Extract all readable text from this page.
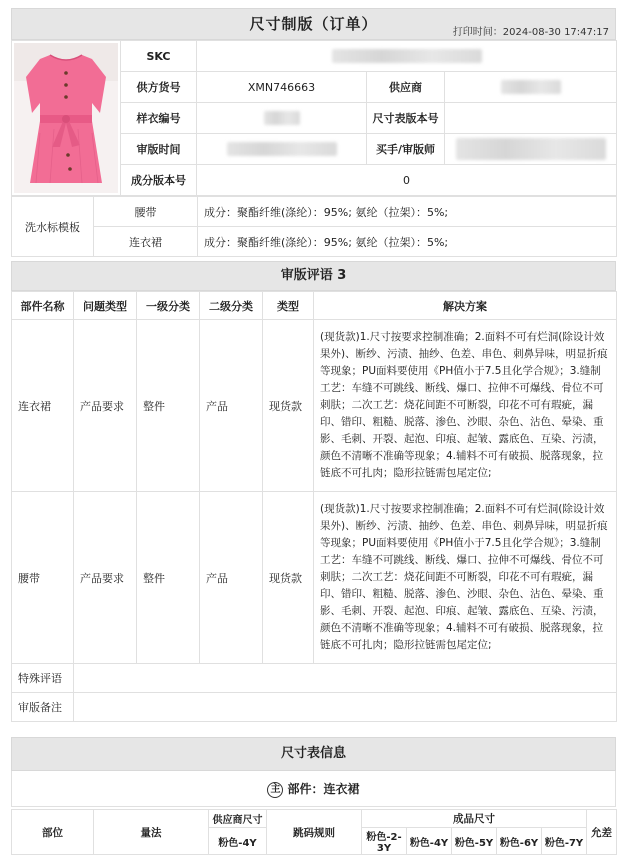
尺寸制版（订单）	打印时间：2024-08-30 17:47:17
	SKC			
	供方货号	XMN746663	供应商	
	样衣编号		尺寸表版本号	
	审版时间		买手/审版师	
	成分版本号	0		
洗水标模板	腰带	成分：聚酯纤维(涤纶）：95%; 氨纶（拉架）：5%;
	连衣裙	成分：聚酯纤维(涤纶）：95%; 氨纶（拉架）：5%;
审版评语 3
部件名称	问题类型	一级分类	二级分类	类型	解决方案
连衣裙	产品要求	整件	产品	现货款	(现货款)1.尺寸按要求控制准确；2.面料不可有烂洞(除设计效果外)、断纱、污渍、抽纱、色差、串色、刺鼻异味，明显折痕等现象；PU面料要使用《PH值小于7.5且化学合规》；3.缝制工艺：车缝不可跳线、断线、爆口、拉伸不可爆线、骨位不可刺肤；二次工艺：烧花间距不可断裂，印花不可有瑕疵，漏印、错印、粗糙、脱落、渗色、沙眼、杂色、沾色、晕染、重影、毛刺、开裂、起泡、印痕、起皱、露底色、互染、污渍，颜色不清晰不准确等现象；4.辅料不可有破损、脱落现象，拉链底不可扎肉；隐形拉链需包尾定位;
腰带	产品要求	整件	产品	现货款	(现货款)1.尺寸按要求控制准确；2.面料不可有烂洞(除设计效果外)、断纱、污渍、抽纱、色差、串色、刺鼻异味，明显折痕等现象；PU面料要使用《PH值小于7.5且化学合规》；3.缝制工艺：车缝不可跳线、断线、爆口、拉伸不可爆线、骨位不可刺肤；二次工艺：烧花间距不可断裂，印花不可有瑕疵，漏印、错印、粗糙、脱落、渗色、沙眼、杂色、沾色、晕染、重影、毛刺、开裂、起泡、印痕、起皱、露底色、互染、污渍，颜色不清晰不准确等现象；4.辅料不可有破损、脱落现象，拉链底不可扎肉；隐形拉链需包尾定位;
特殊评语					
审版备注					
尺寸表信息
主 部件：连衣裙
部位	量法	供应商尺寸	跳码规则	成品尺寸					允差
		粉色-4Y		粉色-2-3Y	粉色-4Y	粉色-5Y	粉色-6Y	粉色-7Y	
